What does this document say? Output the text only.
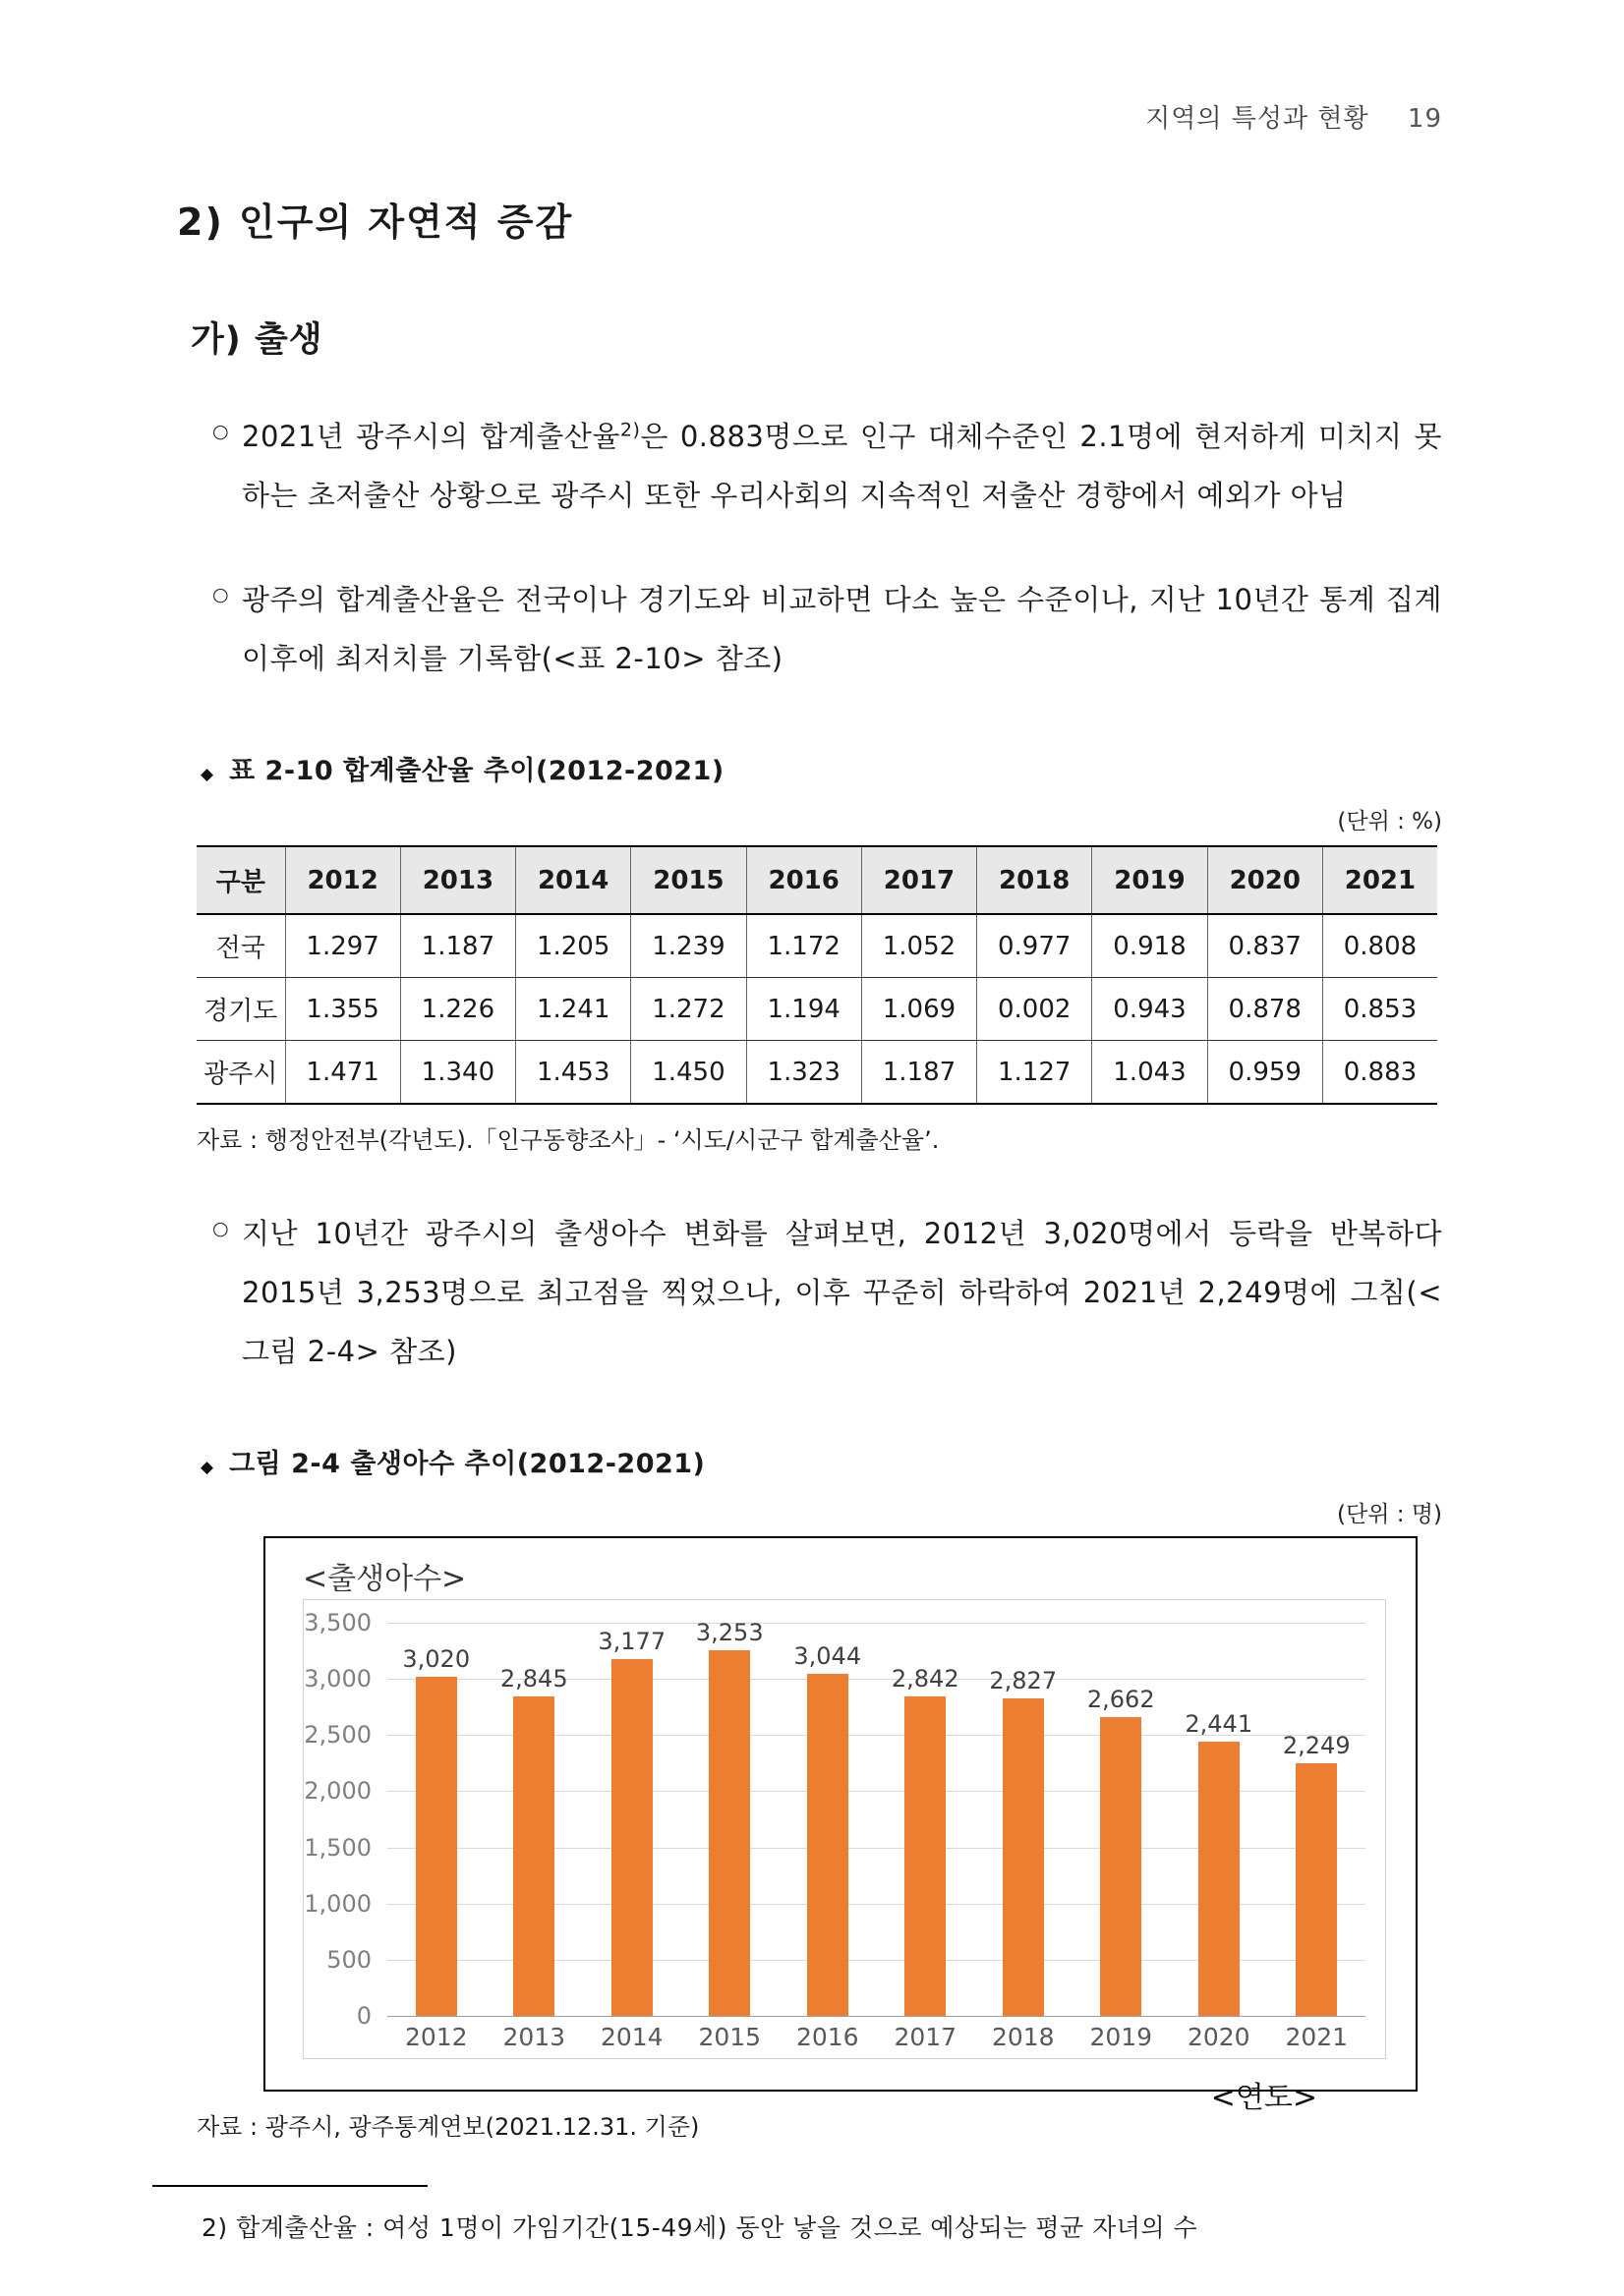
지역의 특성과 현황 19
2) 인구의 자연적 증감
가) 출생
○ 2021년 광주시의 합계출산율$^{2)}$은 0.883명으로 인구 대체수준인 2.1명에 현저하게 미치지 못하는 초저출산 상황으로 광주시 또한 우리사회의 지속적인 저출산 경향에서 예외가 아님
○ 광주의 합계출산율은 전국이나 경기도와 비교하면 다소 높은 수준이나, 지난 10년간 통계 집계 이후에 최저치를 기록함(<표 2-10> 참조)
◆ 표 2-10 합계출산율 추이(2012-2021)
(단위 : %)
구분	2012	2013	2014	2015	2016	2017	2018	2019	2020	2021
전국	1.297	1.187	1.205	1.239	1.172	1.052	0.977	0.918	0.837	0.808
경기도	1.355	1.226	1.241	1.272	1.194	1.069	0.002	0.943	0.878	0.853
광주시	1.471	1.340	1.453	1.450	1.323	1.187	1.127	1.043	0.959	0.883
자료 : 행정안전부(각년도).「인구동향조사」- ‘시도/시군구 합계출산율’.
○ 지난 10년간 광주시의 출생아수 변화를 살펴보면, 2012년 3,020명에서 등락을 반복하다 2015년 3,253명으로 최고점을 찍었으나, 이후 꾸준히 하락하여 2021년 2,249명에 그침(<그림 2-4> 참조)
◆ 그림 2-4 출생아수 추이(2012-2021)
(단위 : 명)
<출생아수>
0
500
1,000
1,500
2,000
2,500
3,000
3,500
3,020
2,845
3,177 3,253
3,044
2,842 2,827
2,662
2,441
2,249
2012	2013	2014	2015	2016	2017	2018	2019	2020	2021
<연도>
자료 : 광주시, 광주통계연보(2021.12.31. 기준)
2) 합계출산율 : 여성 1명이 가임기간(15-49세) 동안 낳을 것으로 예상되는 평균 자녀의 수
